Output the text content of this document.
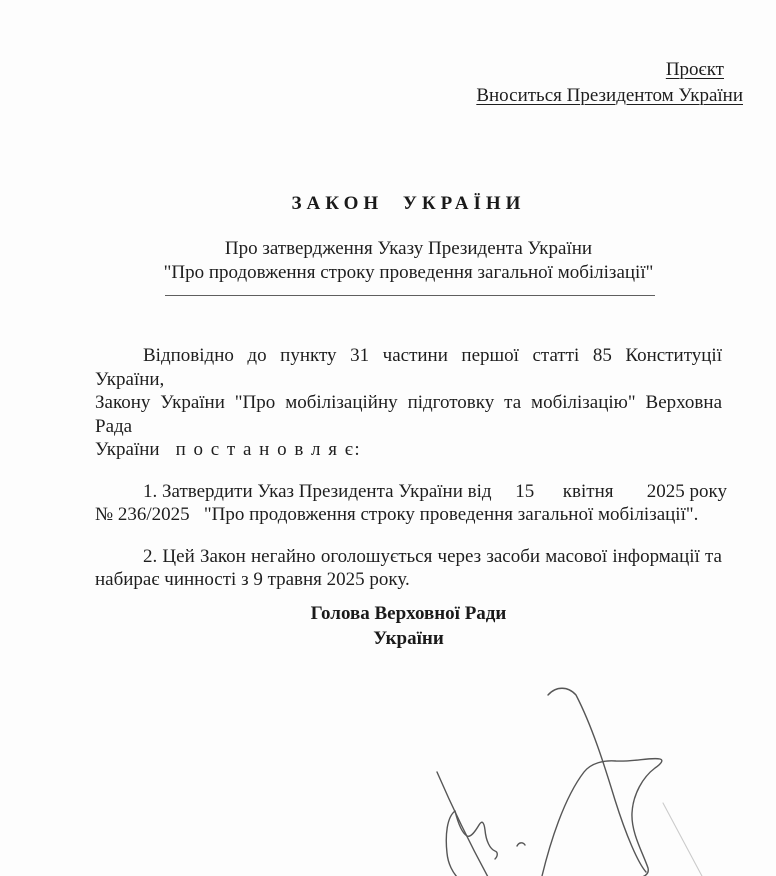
Проєкт
Вноситься Президентом України
ЗАКОН УКРАЇНИ
Про затвердження Указу Президента України
"Про продовження строку проведення загальної мобілізації"
Відповідно до пункту 31 частини першої статті 85 Конституції України,
Закону України "Про мобілізаційну підготовку та мобілізацію" Верховна Рада
України п о с т а н о в л я є:
1. Затвердити Указ Президента України від     15      квітня       2025 року
№ 236/2025   "Про продовження строку проведення загальної мобілізації".
2. Цей Закон негайно оголошується через засоби масової інформації та
набирає чинності з 9 травня 2025 року.
Голова Верховної Ради
України
